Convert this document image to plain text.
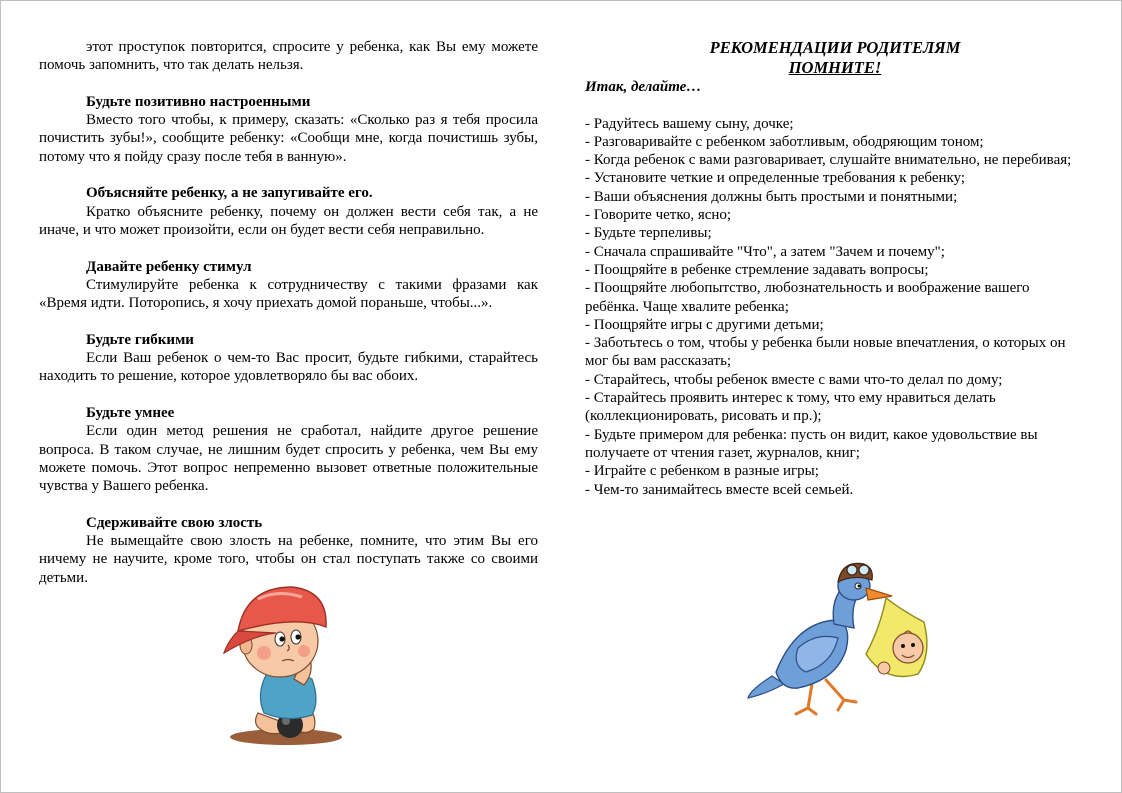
этот проступок повторится, спросите у ребенка, как Вы ему можете помочь запомнить, что так делать нельзя.

Будьте позитивно настроенными

Вместо того чтобы, к примеру, сказать: «Сколько раз я тебя просила почистить зубы!», сообщите ребенку: «Сообщи мне, когда почистишь зубы, потому что я пойду сразу после тебя в ванную».

Объясняйте ребенку, а не запугивайте его.

Кратко объясните ребенку, почему он должен вести себя так, а не иначе, и что может произойти, если он будет вести себя неправильно.

Давайте ребенку стимул

Стимулируйте ребенка к сотрудничеству с такими фразами как «Время идти. Поторопись, я хочу приехать домой пораньше, чтобы...».

Будьте гибкими

Если Ваш ребенок о чем-то Вас просит, будьте гибкими, старайтесь находить то решение, которое удовлетворяло бы вас обоих.

Будьте умнее

Если один метод решения не сработал, найдите другое решение вопроса. В таком случае, не лишним будет спросить у ребенка, чем Вы ему можете помочь. Этот вопрос непременно вызовет ответные положительные чувства у Вашего ребенка.

Сдерживайте свою злость

Не вымещайте свою злость на ребенке, помните, что этим Вы его ничему не научите, кроме того, чтобы он стал поступать также со своими детьми.

РЕКОМЕНДАЦИИ РОДИТЕЛЯМ

ПОМНИТЕ!

Итак, делайте…

- Радуйтесь вашему сыну, дочке;

- Разговаривайте с ребенком заботливым, ободряющим тоном;

- Когда ребенок с вами разговаривает, слушайте внимательно, не перебивая;

- Установите четкие и определенные требования к ребенку;

- Ваши объяснения должны быть простыми и понятными;

- Говорите четко, ясно;

- Будьте терпеливы;

- Сначала спрашивайте "Что", а затем "Зачем и почему";

- Поощряйте в ребенке стремление задавать вопросы;

- Поощряйте любопытство, любознательность и воображение вашего ребёнка. Чаще хвалите ребенка;

- Поощряйте игры с другими детьми;

- Заботьтесь о том, чтобы у ребенка были новые впечатления, о которых он мог бы вам рассказать;

- Старайтесь, чтобы ребенок вместе с вами что-то делал по дому;

- Старайтесь проявить интерес к тому, что ему нравиться делать (коллекционировать, рисовать и пр.);

- Будьте примером для ребенка: пусть он видит, какое удовольствие вы получаете от чтения газет, журналов, книг;

- Играйте с ребенком в разные игры;

- Чем-то занимайтесь вместе всей семьей.
